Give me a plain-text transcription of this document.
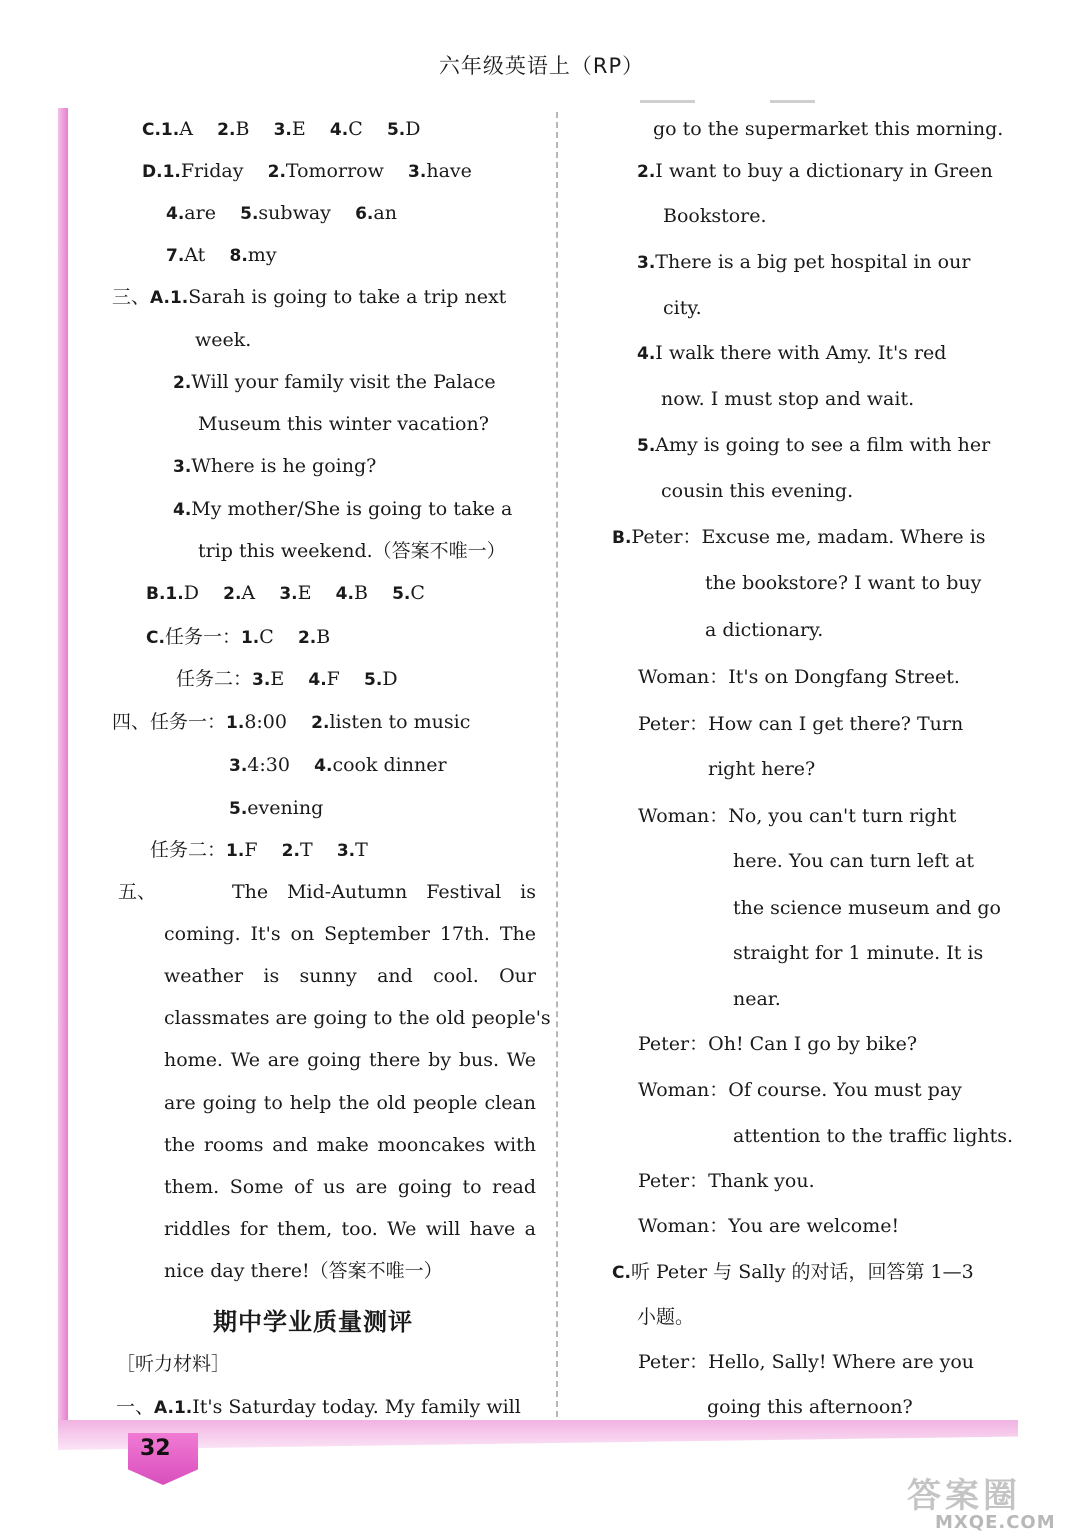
六年级英语上（RP）
32
C.1.A 2.B 3.E 4.C 5.D
D.1.Friday 2.Tomorrow 3.have
4.are 5.subway 6.an
7.At 8.my
三、A.1.Sarah is going to take a trip next
week.
2.Will your family visit the Palace
Museum this winter vacation?
3.Where is he going?
4.My mother/She is going to take a
trip this weekend.（答案不唯一）
B.1.D 2.A 3.E 4.B 5.C
C.任务一：1.C 2.B
任务二：3.E 4.F 5.D
四、任务一：1.8:00 2.listen to music
3.4:30 4.cook dinner
5.evening
任务二：1.F 2.T 3.T
五、	The Mid-Autumn Festival is
coming. It's on September 17th. The
weather is sunny and cool. Our
classmates are going to the old people's
home. We are going there by bus. We
are going to help the old people clean
the rooms and make mooncakes with
them. Some of us are going to read
riddles for them, too. We will have a
nice day there!（答案不唯一）
期中学业质量测评
［听力材料］
一、A.1.It's Saturday today. My family will
go to the supermarket this morning.
2.I want to buy a dictionary in Green
Bookstore.
3.There is a big pet hospital in our
city.
4.I walk there with Amy. It's red
now. I must stop and wait.
5.Amy is going to see a film with her
cousin this evening.
B.Peter：Excuse me, madam. Where is
the bookstore? I want to buy
a dictionary.
Woman：It's on Dongfang Street.
Peter：How can I get there? Turn
right here?
Woman：No, you can't turn right
here. You can turn left at
the science museum and go
straight for 1 minute. It is
near.
Peter：Oh! Can I go by bike?
Woman：Of course. You must pay
attention to the traffic lights.
Peter：Thank you.
Woman：You are welcome!
C.听 Peter 与 Sally 的对话，回答第 1—3
小题。
Peter：Hello, Sally! Where are you
going this afternoon?
答案圈
MXQE.COM
